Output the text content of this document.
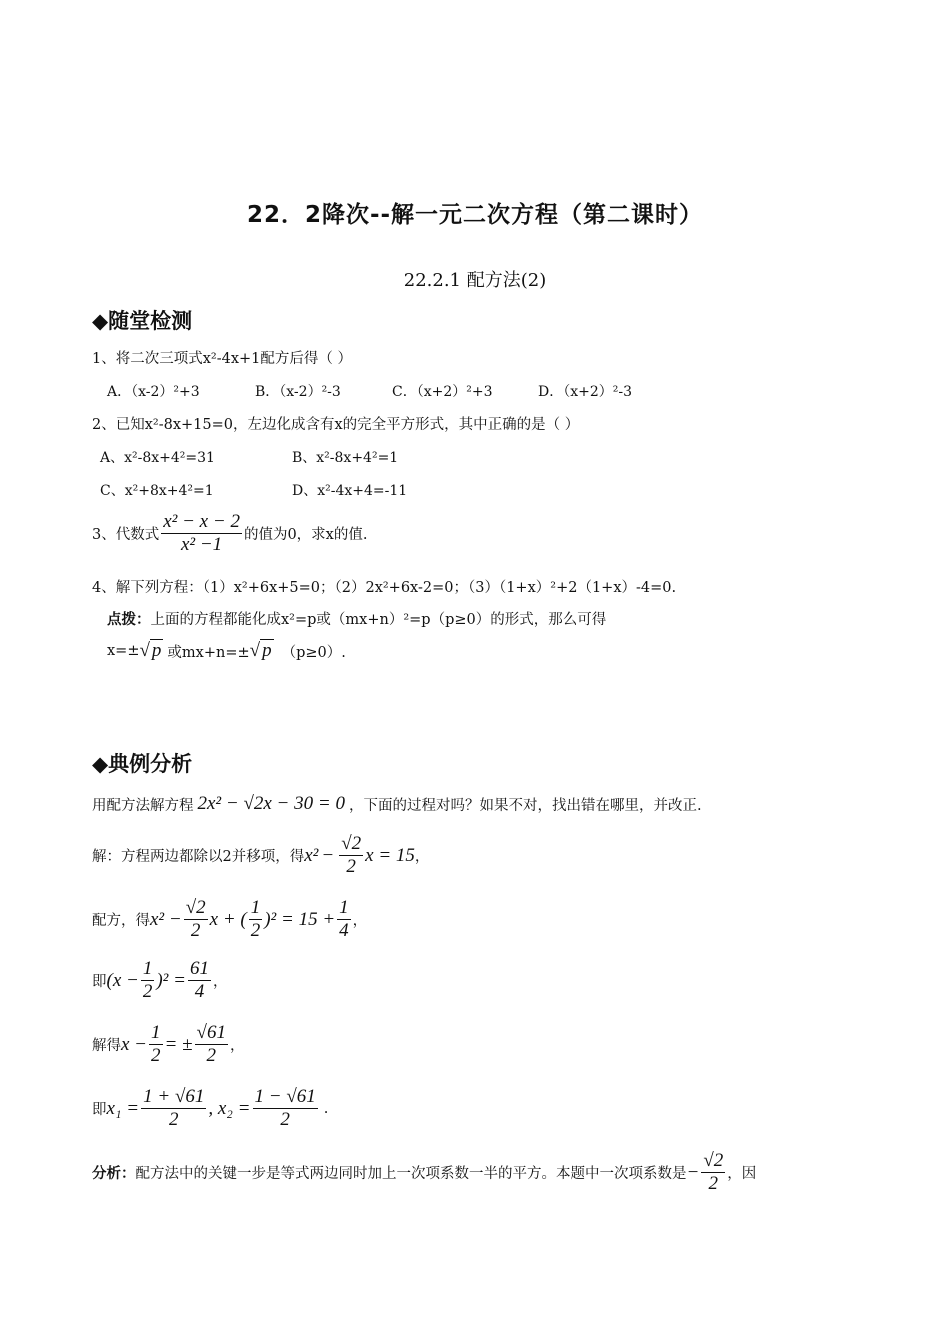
22．2降次--解一元二次方程（第二课时）
22.2.1 配方法(2)
◆随堂检测
1、将二次三项式x²-4x+1配方后得（ ）
A．（x-2）²+3	B．（x-2）²-3	C．（x+2）²+3	D．（x+2）²-3
2、已知x²-8x+15=0，左边化成含有x的完全平方形式，其中正确的是（ ）
A、x²-8x+4²=31	B、x²-8x+4²=1
C、x²+8x+4²=1	D、x²-4x+4=-11
3、代数式 $\frac{\text{x² − x − 2}}{\text{x² −1}}$ 的值为0，求x的值.
4、解下列方程：（1）x²+6x+5=0；（2）2x²+6x-2=0；（3）（1+x）²+2（1+x）-4=0.
点拨：上面的方程都能化成x²=p或（mx+n）²=p（p≥0）的形式，那么可得
x=± √ p 或mx+n=± √ p （p≥0）.
◆典例分析
用配方法解方程 2x² − √2x − 30 = 0 ，下面的过程对吗？如果不对，找出错在哪里，并改正.
解：方程两边都除以2并移项，得 $x^2 - \frac{√2}{2}$ x = 15 ，
配方，得 $x^2 - \frac{√2}{2}$ x + ( $\frac{1}{2} )^2 = 15 + \frac{1}{4}$ ，
即 $(x - \frac{1}{2} )^2 = \frac{61}{4}$ ，
解得 $x - \frac{1}{2}$ = ± $\frac{√61}{2}$ ，
即 $x_1 = \frac{1 + √61}{2}$ , $x_2 = \frac{1 - √61}{2}$ .
分析： 配方法中的关键一步是等式两边同时加上一次项系数一半的平方。本题中一次项系数是 − $\frac{√2}{2}$ ，因
